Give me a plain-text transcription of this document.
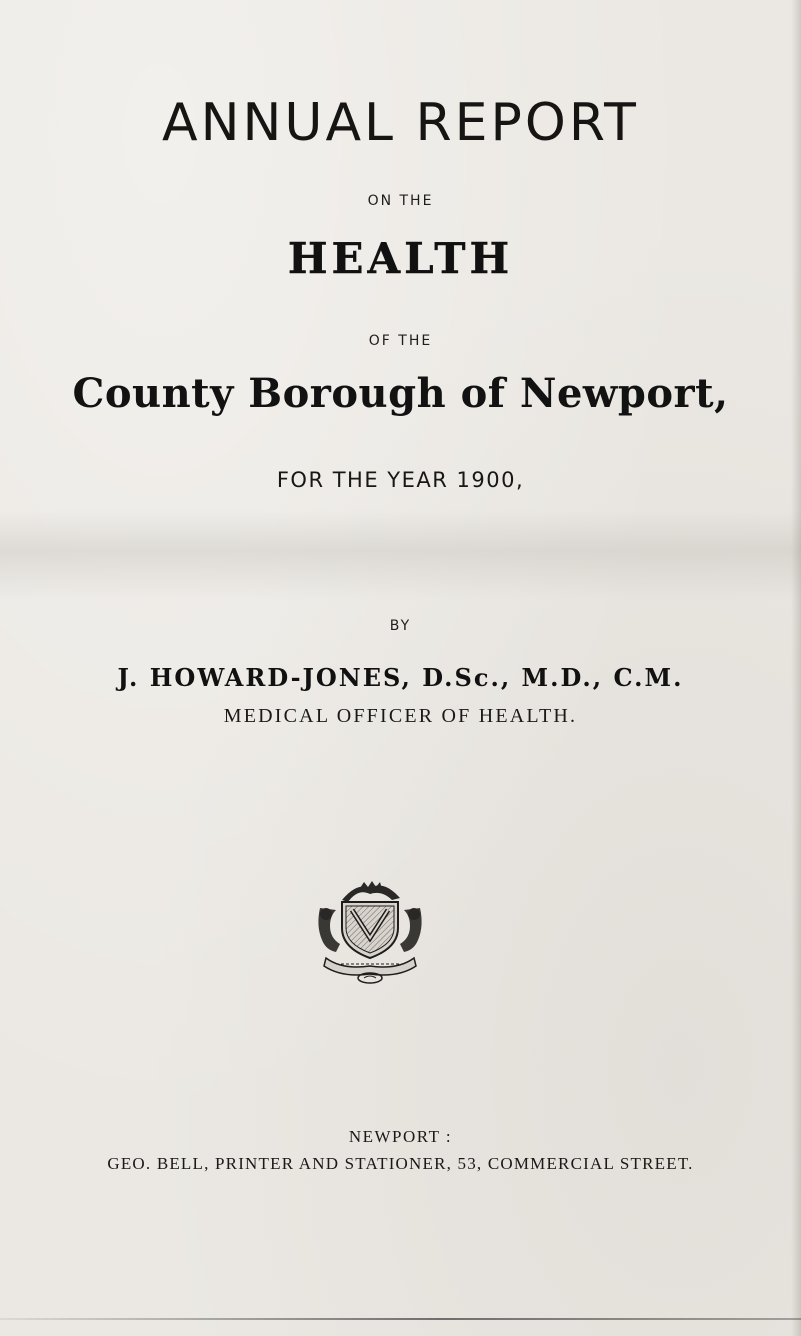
ANNUAL REPORT

ON THE

HEALTH

OF THE

County Borough of Newport,

FOR THE YEAR 1900,

BY

J. HOWARD-JONES, D.Sc., M.D., C.M.

MEDICAL OFFICER OF HEALTH.

NEWPORT :

GEO. BELL, PRINTER AND STATIONER, 53, COMMERCIAL STREET.
